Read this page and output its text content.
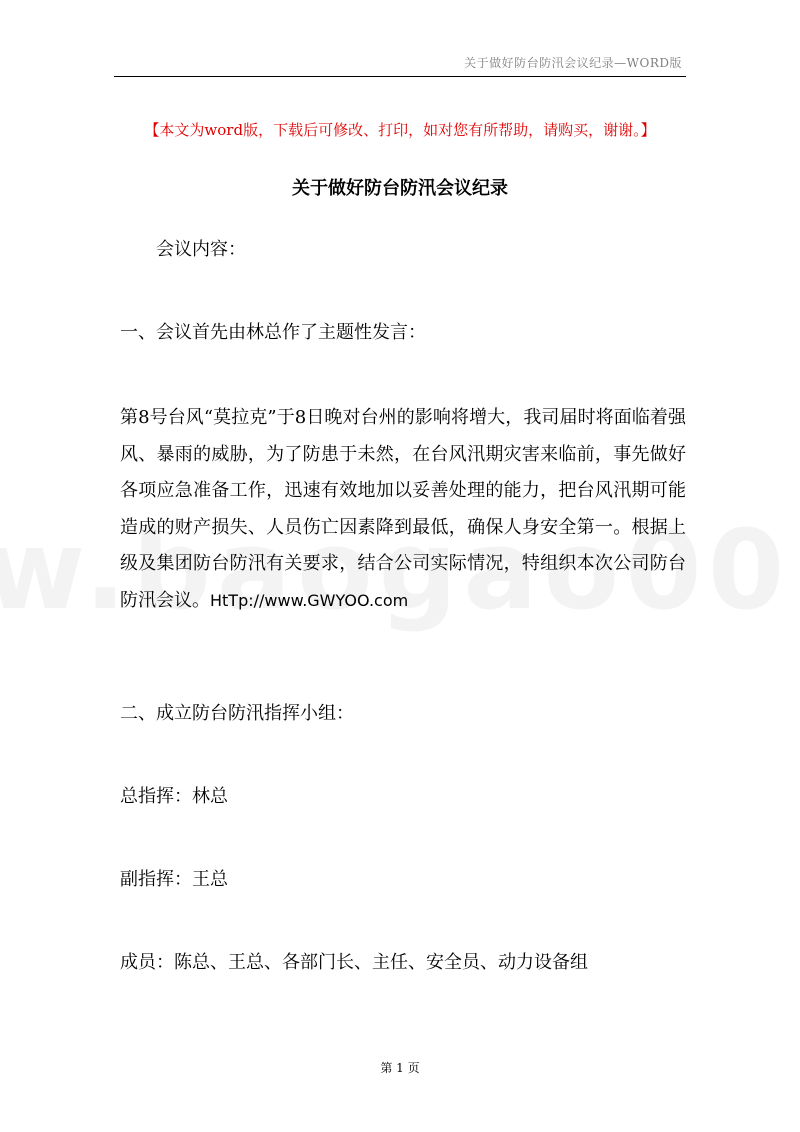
关于做好防台防汛会议纪录—WORD版
【本文为word版，下载后可修改、打印，如对您有所帮助，请购买，谢谢。】
关于做好防台防汛会议纪录
会议内容：
一、会议首先由林总作了主题性发言：
第8号台风“莫拉克”于8日晚对台州的影响将增大，我司届时将面临着强风、暴雨的威胁，为了防患于未然，在台风汛期灾害来临前，事先做好各项应急准备工作，迅速有效地加以妥善处理的能力，把台风汛期可能造成的财产损失、人员伤亡因素降到最低，确保人身安全第一。根据上级及集团防台防汛有关要求，结合公司实际情况，特组织本次公司防台防汛会议。HtTp://www.GWYOO.com
二、成立防台防汛指挥小组：
总指挥：林总
副指挥：王总
成员：陈总、王总、各部门长、主任、安全员、动力设备组
第 1 页
